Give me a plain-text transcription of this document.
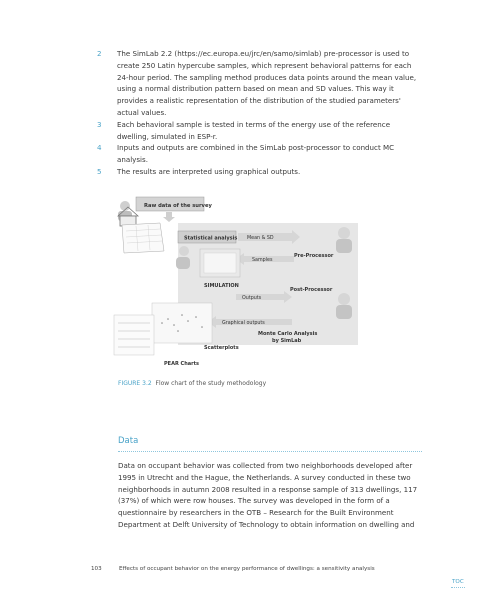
2 The SimLab 2.2 (https://ec.europa.eu/jrc/en/samo/simlab) pre-processor is used to create 250 Latin hypercube samples, which represent behavioral patterns for each 24-hour period. The sampling method produces data points around the mean value, using a normal distribution pattern based on mean and SD values. This way it provides a realistic representation of the distribution of the studied parameters' actual values.
3 Each behavioral sample is tested in terms of the energy use of the reference dwelling, simulated in ESP-r.
4 Inputs and outputs are combined in the SimLab post-processor to conduct MC analysis.
5 The results are interpreted using graphical outputs.
Raw data of the survey
Statistical analysis Mean & SD
Pre-Processor
Samples
SIMULATION
Post-Processor
Outputs
Graphical outputs
Monte Carlo Analysis
by SimLab
Scatterplots
PEAR Charts
FIGURE 3.2 Flow chart of the study methodology
Data
Data on occupant behavior was collected from two neighborhoods developed after 1995 in Utrecht and the Hague, the Netherlands. A survey conducted in these two neighborhoods in autumn 2008 resulted in a response sample of 313 dwellings, 117 (37%) of which were row houses. The survey was developed in the form of a questionnaire by researchers in the OTB – Research for the Built Environment Department at Delft University of Technology to obtain information on dwelling and
103	Effects of occupant behavior on the energy performance of dwellings: a sensitivity analysis
TOC
